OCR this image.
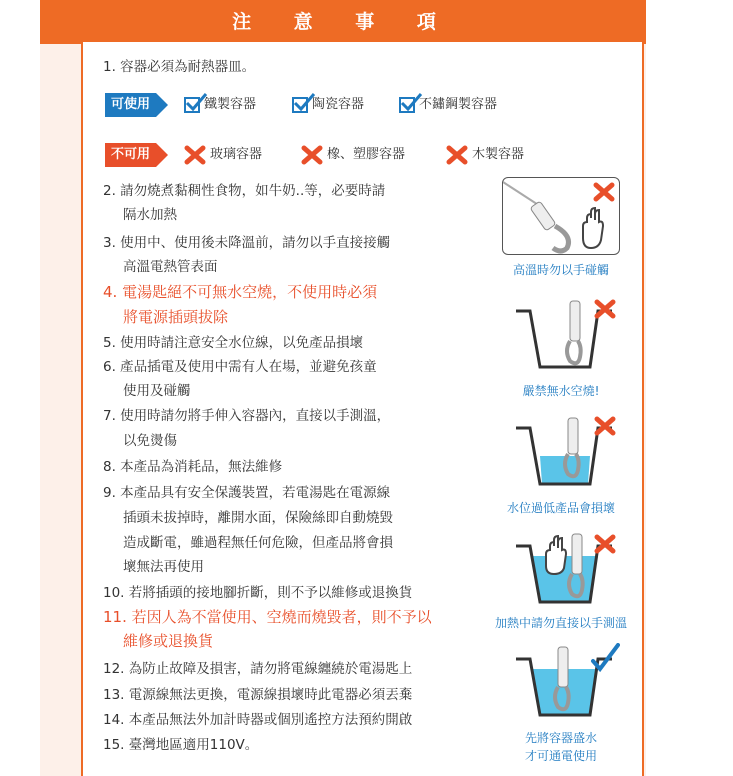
注 意 事 項
1. 容器必須為耐熱器皿。
可使用	鐵製容器	陶瓷容器	不鏽鋼製容器
不可用	玻璃容器	橡、塑膠容器	木製容器
2. 請勿燒煮黏稠性食物，如牛奶..等，必要時請
隔水加熱
3. 使用中、使用後未降溫前，請勿以手直接接觸
高溫電熱管表面
4. 電湯匙絕不可無水空燒，不使用時必須
將電源插頭拔除
5. 使用時請注意安全水位線，以免產品損壞
6. 產品插電及使用中需有人在場，並避免孩童
使用及碰觸
7. 使用時請勿將手伸入容器內，直接以手測溫，
以免燙傷
8. 本產品為消耗品，無法維修
9. 本產品具有安全保護裝置，若電湯匙在電源線
插頭未拔掉時，離開水面，保險絲即自動燒毀
造成斷電，雖過程無任何危險，但產品將會損
壞無法再使用
10. 若將插頭的接地腳折斷，則不予以維修或退換貨
11. 若因人為不當使用、空燒而燒毀者，則不予以
維修或退換貨
12. 為防止故障及損害，請勿將電線纏繞於電湯匙上
13. 電源線無法更換，電源線損壞時此電器必須丟棄
14. 本產品無法外加計時器或個別遙控方法預約開啟
15. 臺灣地區適用110V。
高溫時勿以手碰觸
嚴禁無水空燒!
水位過低產品會損壞
加熱中請勿直接以手測溫
先將容器盛水
才可通電使用
